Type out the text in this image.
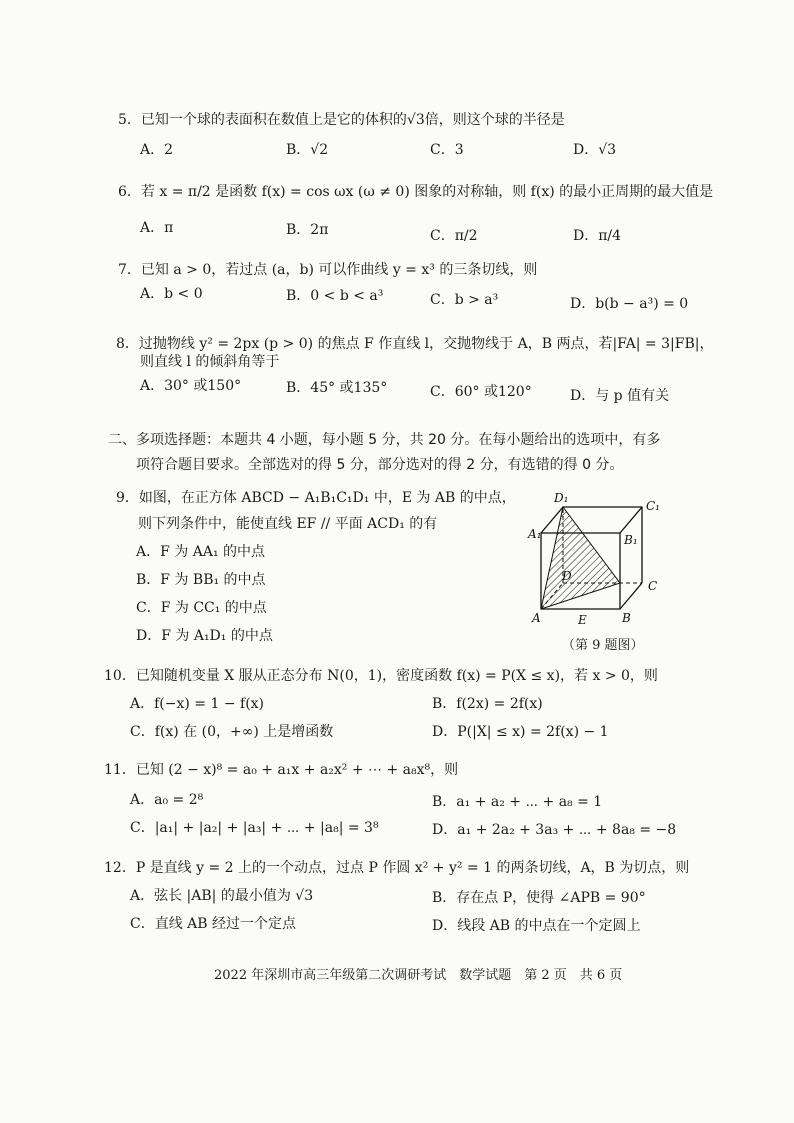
5．已知一个球的表面积在数值上是它的体积的√3倍，则这个球的半径是
A．2	B．√2	C．3	D．√3
6．若 x = π/2 是函数 f(x) = cos ωx (ω ≠ 0) 图象的对称轴，则 f(x) 的最小正周期的最大值是
A．π	B．2π	C．π/2	D．π/4
7．已知 a > 0，若过点 (a，b) 可以作曲线 y = x³ 的三条切线，则
A．b < 0	B．0 < b < a³	C．b > a³	D．b(b − a³) = 0
8．过抛物线 y² = 2px (p > 0) 的焦点 F 作直线 l，交抛物线于 A，B 两点，若|FA| = 3|FB|，
则直线 l 的倾斜角等于
A．30° 或150°	B．45° 或135°	C．60° 或120°	D．与 p 值有关
二、多项选择题：本题共 4 小题，每小题 5 分，共 20 分。在每小题给出的选项中，有多
项符合题目要求。全部选对的得 5 分，部分选对的得 2 分，有选错的得 0 分。
9．如图，在正方体 ABCD − A₁B₁C₁D₁ 中，E 为 AB 的中点，
则下列条件中，能使直线 EF // 平面 ACD₁ 的有
A．F 为 AA₁ 的中点
B．F 为 BB₁ 的中点
C．F 为 CC₁ 的中点
D．F 为 A₁D₁ 的中点
D₁
C₁
A₁	B₁
D
C
A	E	B
（第 9 题图）
10．已知随机变量 X 服从正态分布 N(0，1)，密度函数 f(x) = P(X ≤ x)，若 x > 0，则
A．f(−x) = 1 − f(x)	B．f(2x) = 2f(x)
C．f(x) 在 (0，+∞) 上是增函数	D．P(|X| ≤ x) = 2f(x) − 1
11．已知 (2 − x)⁸ = a₀ + a₁x + a₂x² + ⋯ + a₈x⁸，则
A．a₀ = 2⁸	B．a₁ + a₂ + ⋯ + a₈ = 1
C．|a₁| + |a₂| + |a₃| + ⋯ + |a₈| = 3⁸	D．a₁ + 2a₂ + 3a₃ + ⋯ + 8a₈ = −8
12．P 是直线 y = 2 上的一个动点，过点 P 作圆 x² + y² = 1 的两条切线，A，B 为切点，则
A．弦长 |AB| 的最小值为 √3	B．存在点 P，使得 ∠APB = 90°
C．直线 AB 经过一个定点	D．线段 AB 的中点在一个定圆上
2022 年深圳市高三年级第二次调研考试　数学试题　第 2 页　共 6 页
